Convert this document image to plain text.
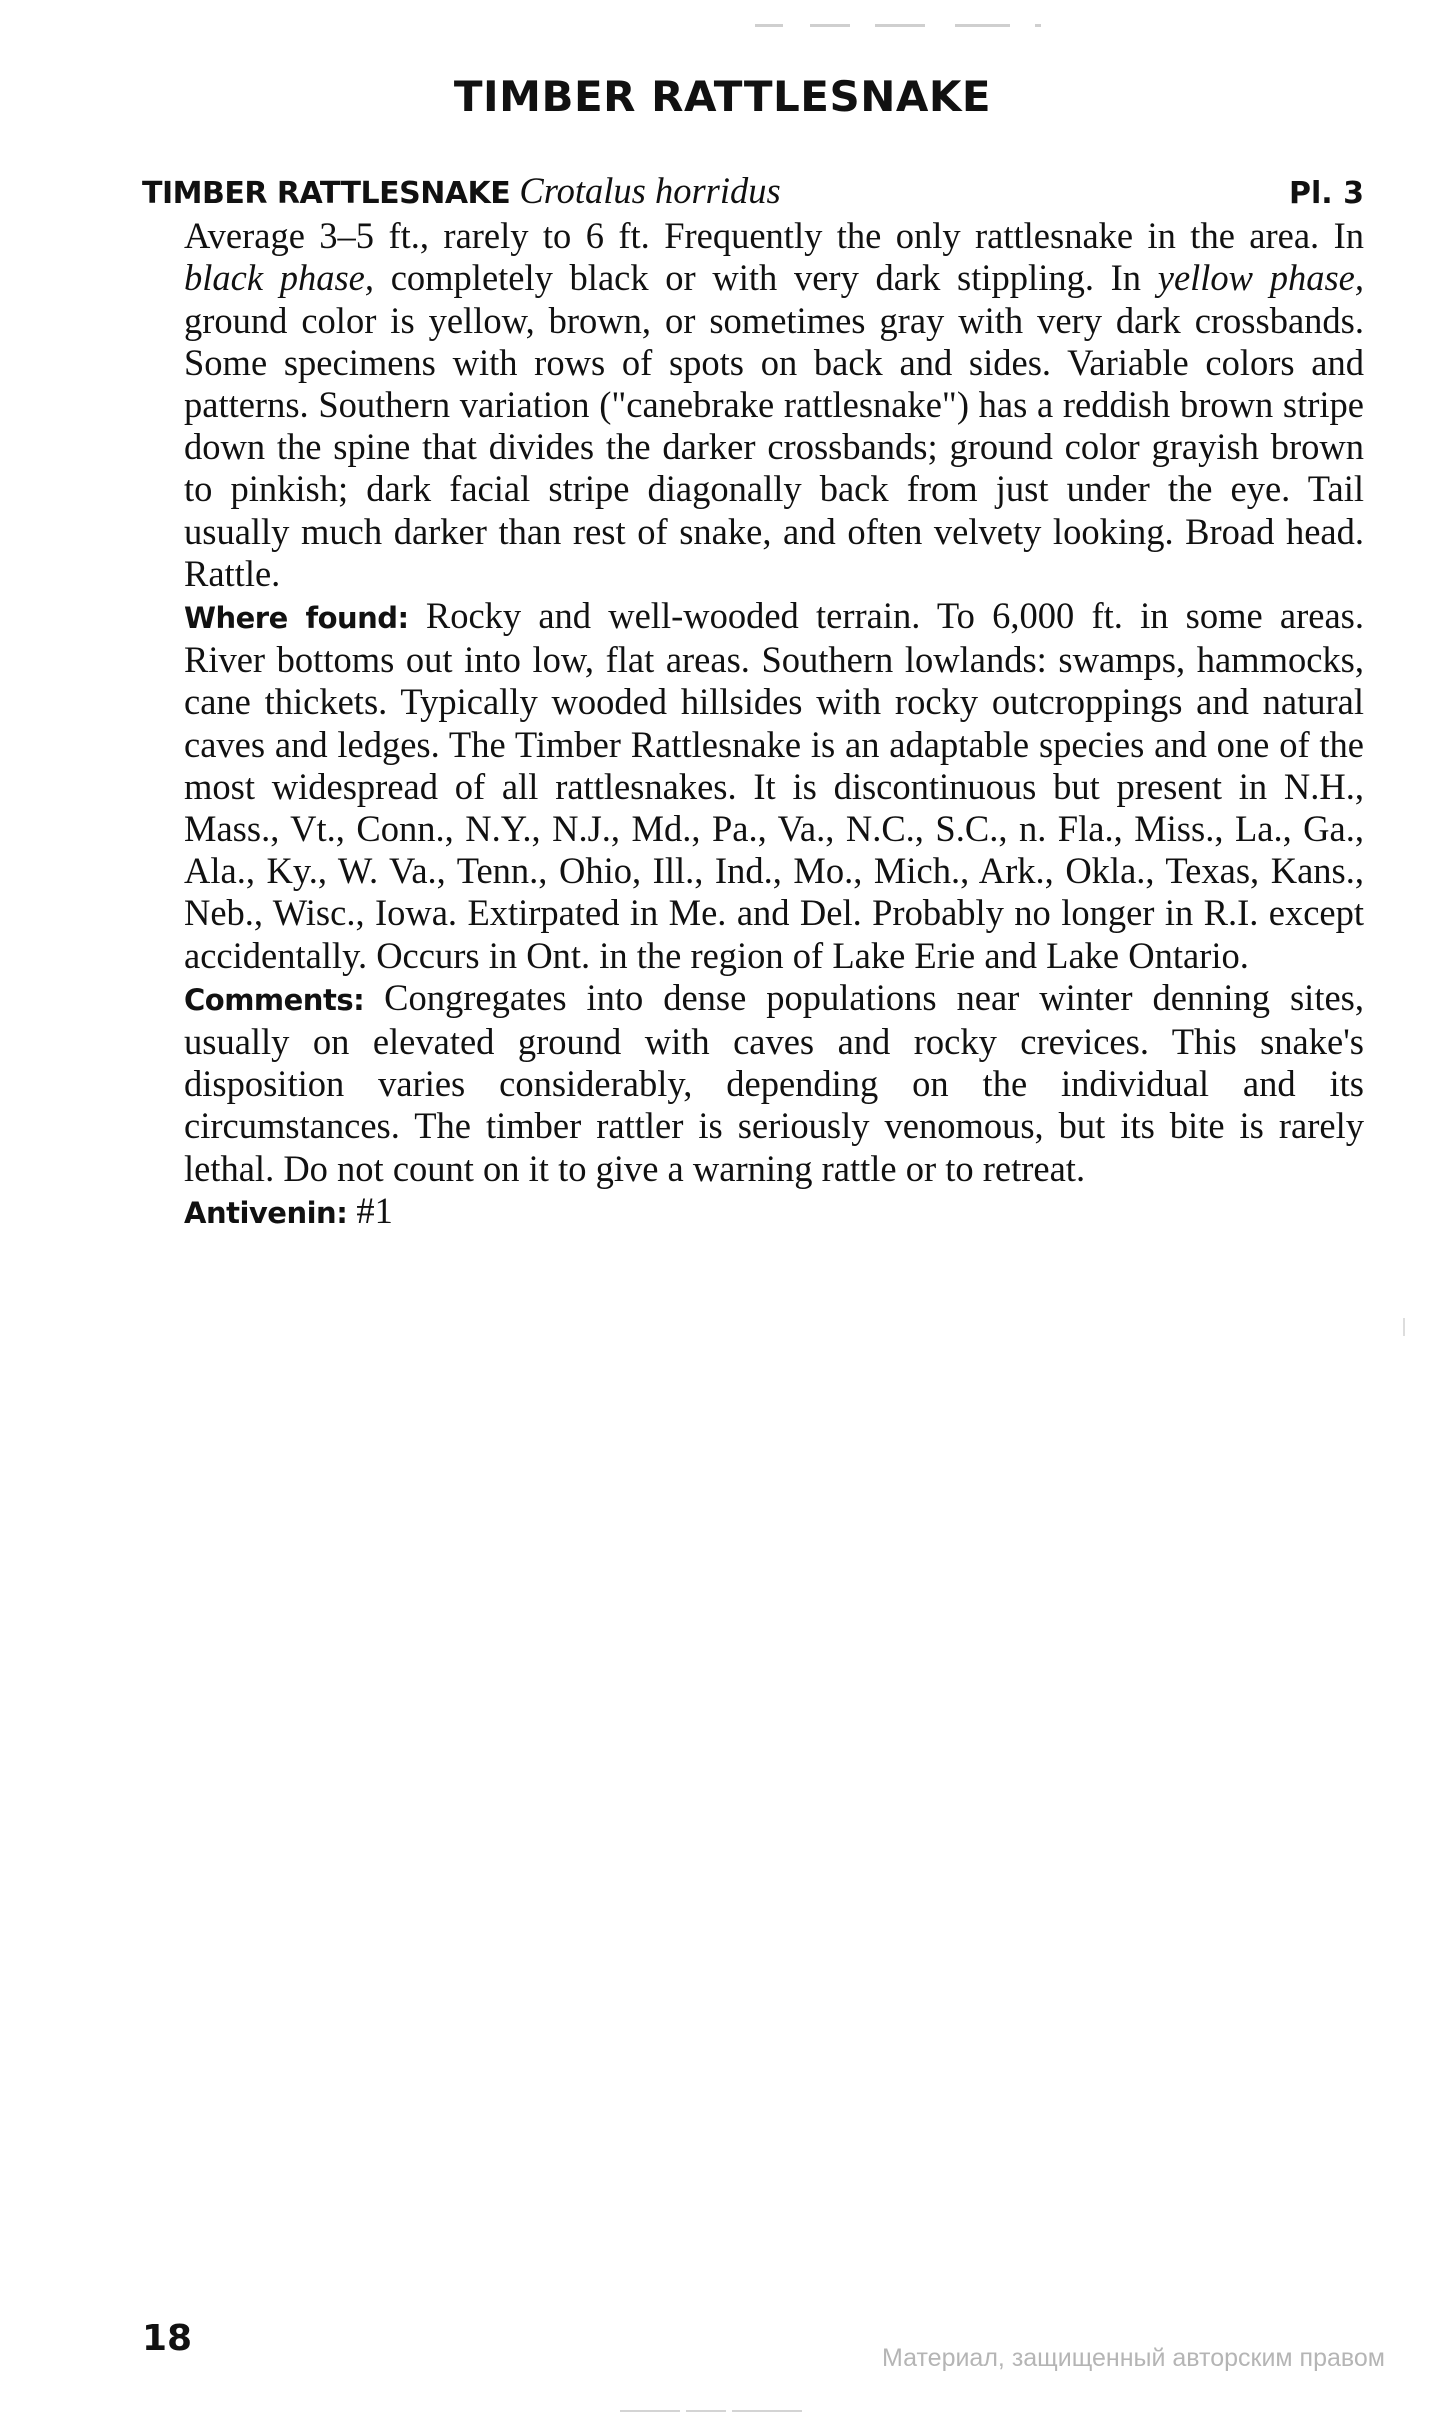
TIMBER RATTLESNAKE
TIMBER RATTLESNAKE Crotalus horridus	Pl. 3

Average 3–5 ft., rarely to 6 ft. Frequently the only rattlesnake in the area. In black phase, completely black or with very dark stippling. In yellow phase, ground color is yellow, brown, or sometimes gray with very dark crossbands. Some specimens with rows of spots on back and sides. Variable colors and patterns. Southern variation ("canebrake rattlesnake") has a reddish brown stripe down the spine that divides the darker crossbands; ground color grayish brown to pinkish; dark facial stripe diagonally back from just under the eye. Tail usually much darker than rest of snake, and often velvety looking. Broad head. Rattle.

Where found: Rocky and well-wooded terrain. To 6,000 ft. in some areas. River bottoms out into low, flat areas. Southern lowlands: swamps, hammocks, cane thickets. Typically wooded hillsides with rocky outcroppings and natural caves and ledges. The Timber Rattlesnake is an adaptable species and one of the most widespread of all rattlesnakes. It is discontinuous but present in N.H., Mass., Vt., Conn., N.Y., N.J., Md., Pa., Va., N.C., S.C., n. Fla., Miss., La., Ga., Ala., Ky., W. Va., Tenn., Ohio, Ill., Ind., Mo., Mich., Ark., Okla., Texas, Kans., Neb., Wisc., Iowa. Extirpated in Me. and Del. Probably no longer in R.I. except accidentally. Occurs in Ont. in the region of Lake Erie and Lake Ontario.

Comments: Congregates into dense populations near winter denning sites, usually on elevated ground with caves and rocky crevices. This snake's disposition varies considerably, depending on the individual and its circumstances. The timber rattler is seriously venomous, but its bite is rarely lethal. Do not count on it to give a warning rattle or to retreat.

Antivenin: #1

18	Материал, защищенный авторским правом
